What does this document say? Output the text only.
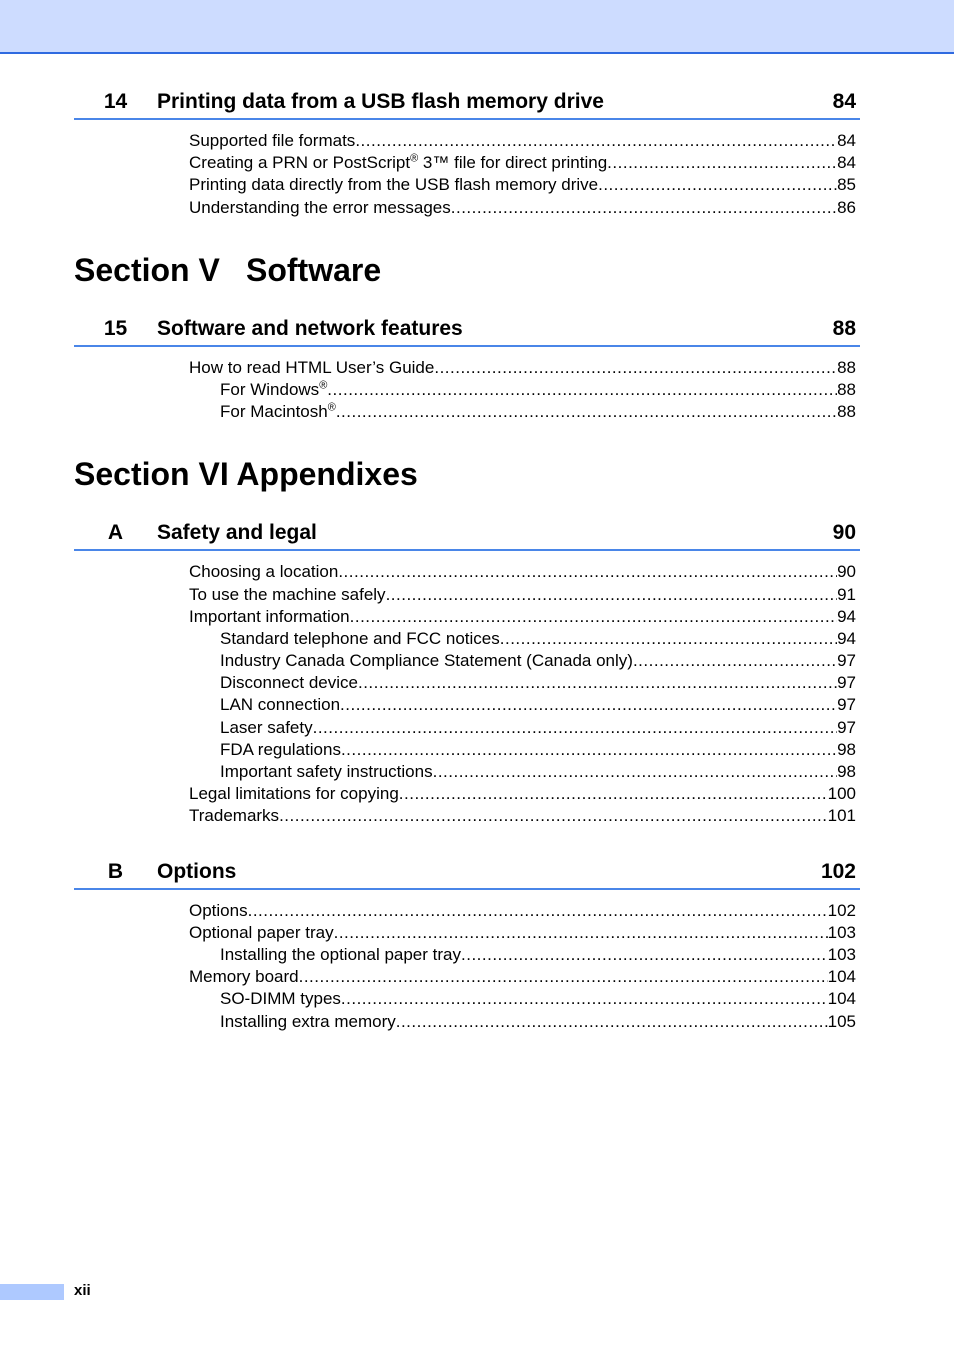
14	Printing data from a USB flash memory drive	84
Supported file formats .....	84
Creating a PRN or PostScript® 3™ file for direct printing .....	84
Printing data directly from the USB flash memory drive .....	85
Understanding the error messages .....	86
Section V Software
15	Software and network features	88
How to read HTML User’s Guide .....	88
For Windows® .....	88
For Macintosh® .....	88
Section VI Appendixes
A	Safety and legal	90
Choosing a location .....	90
To use the machine safely .....	91
Important information .....	94
Standard telephone and FCC notices .....	94
Industry Canada Compliance Statement (Canada only) .....	97
Disconnect device .....	97
LAN connection .....	97
Laser safety .....	97
FDA regulations .....	98
Important safety instructions .....	98
Legal limitations for copying .....	100
Trademarks .....	101
B	Options	102
Options .....	102
Optional paper tray .....	103
Installing the optional paper tray .....	103
Memory board .....	104
SO-DIMM types .....	104
Installing extra memory .....	105
xii
